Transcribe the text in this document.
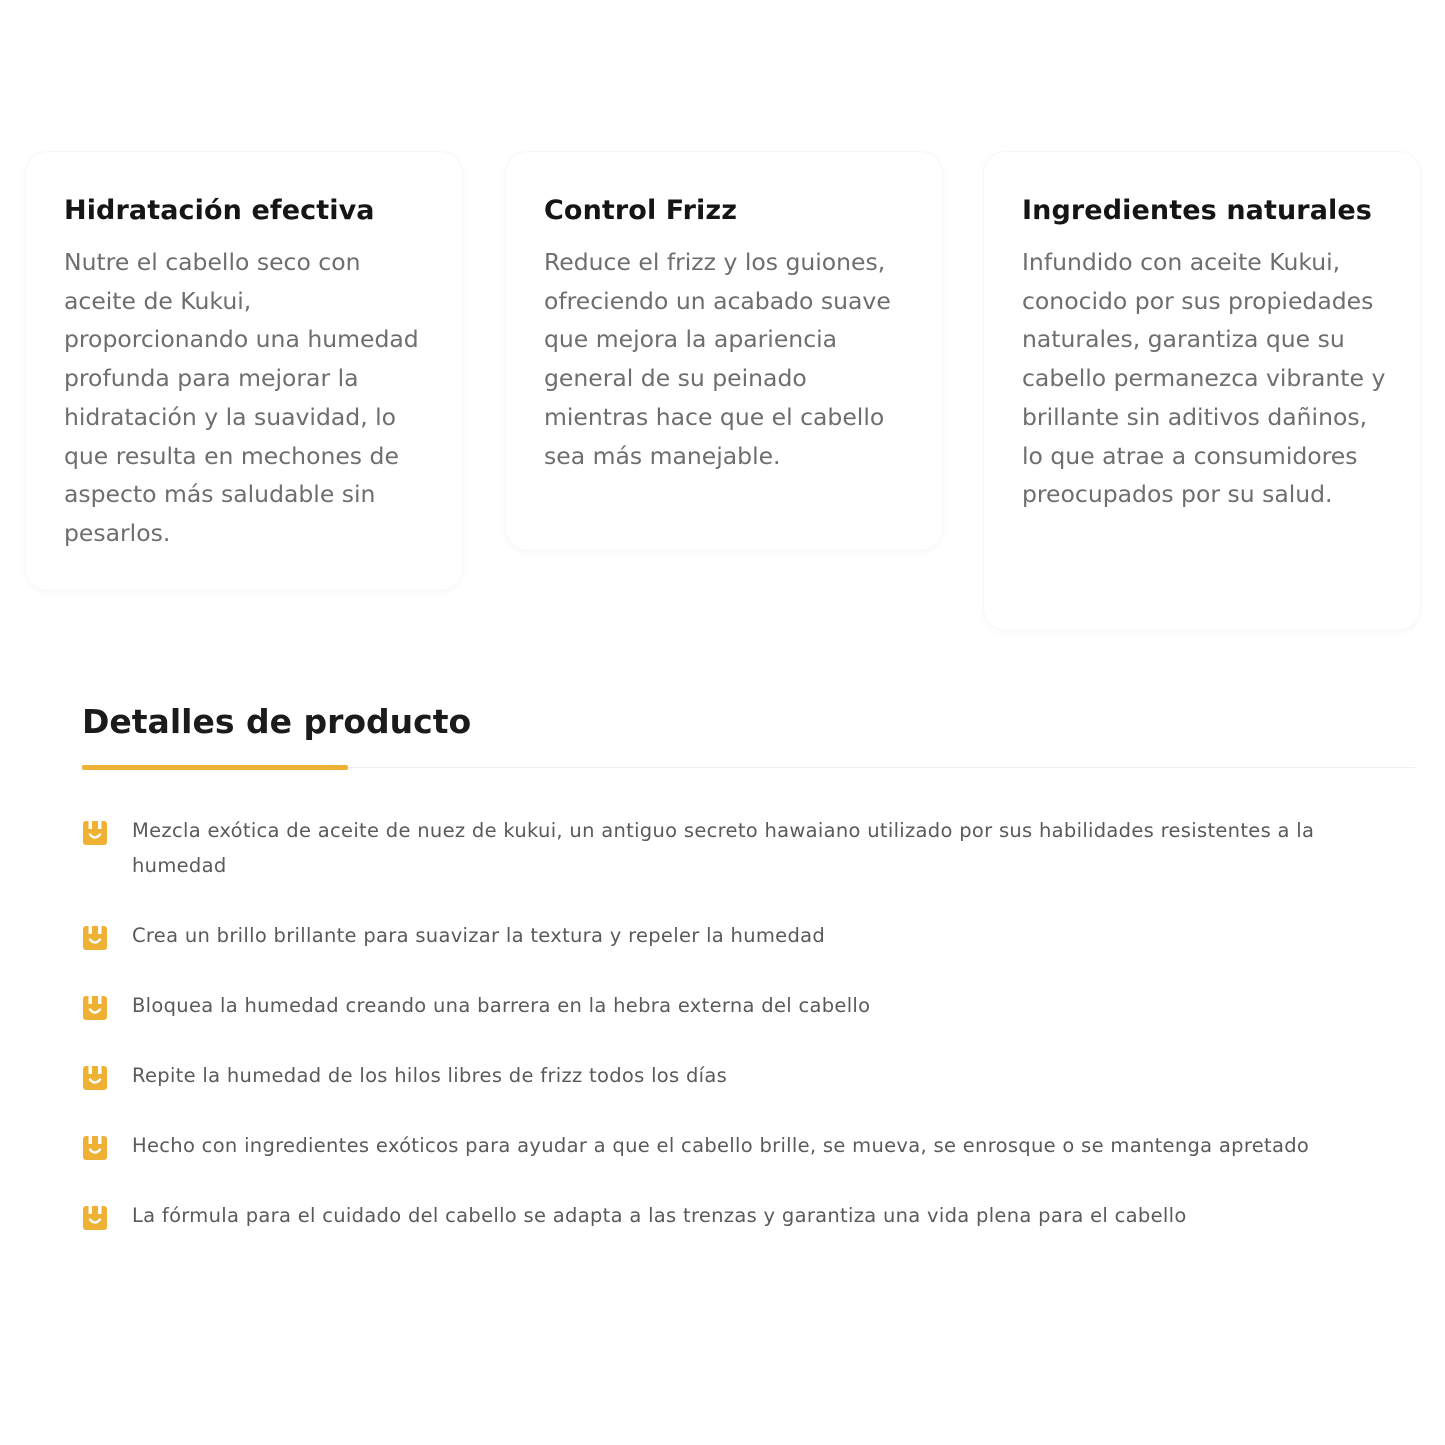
Hidratación efectiva

Nutre el cabello seco con aceite de Kukui, proporcionando una humedad profunda para mejorar la hidratación y la suavidad, lo que resulta en mechones de aspecto más saludable sin pesarlos.

Control Frizz

Reduce el frizz y los guiones, ofreciendo un acabado suave que mejora la apariencia general de su peinado mientras hace que el cabello sea más manejable.

Ingredientes naturales

Infundido con aceite Kukui, conocido por sus propiedades naturales, garantiza que su cabello permanezca vibrante y brillante sin aditivos dañinos, lo que atrae a consumidores preocupados por su salud.

Detalles de producto
Mezcla exótica de aceite de nuez de kukui, un antiguo secreto hawaiano utilizado por sus habilidades resistentes a la humedad
Crea un brillo brillante para suavizar la textura y repeler la humedad
Bloquea la humedad creando una barrera en la hebra externa del cabello
Repite la humedad de los hilos libres de frizz todos los días
Hecho con ingredientes exóticos para ayudar a que el cabello brille, se mueva, se enrosque o se mantenga apretado
La fórmula para el cuidado del cabello se adapta a las trenzas y garantiza una vida plena para el cabello
